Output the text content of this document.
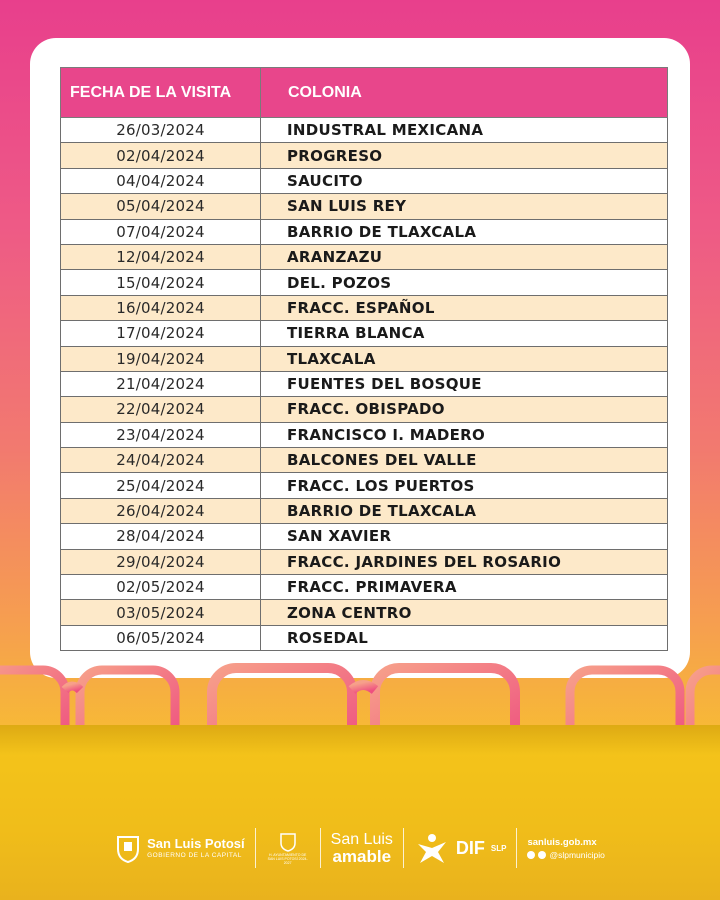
FECHA DE LA VISITA	COLONIA
26/03/2024	INDUSTRAL MEXICANA
02/04/2024	PROGRESO
04/04/2024	SAUCITO
05/04/2024	SAN LUIS REY
07/04/2024	BARRIO DE TLAXCALA
12/04/2024	ARANZAZU
15/04/2024	DEL. POZOS
16/04/2024	FRACC. ESPAÑOL
17/04/2024	TIERRA BLANCA
19/04/2024	TLAXCALA
21/04/2024	FUENTES DEL BOSQUE
22/04/2024	FRACC. OBISPADO
23/04/2024	FRANCISCO I. MADERO
24/04/2024	BALCONES DEL VALLE
25/04/2024	FRACC. LOS PUERTOS
26/04/2024	BARRIO DE TLAXCALA
28/04/2024	SAN XAVIER
29/04/2024	FRACC. JARDINES DEL ROSARIO
02/05/2024	FRACC. PRIMAVERA
03/05/2024	ZONA CENTRO
06/05/2024	ROSEDAL
San Luis Potosí
GOBIERNO DE LA CAPITAL	H. AYUNTAMIENTO DE SAN LUIS POTOSÍ 2024-2027
San Luis
amable	DIF SLP
sanluis.gob.mx
@slpmunicipio
